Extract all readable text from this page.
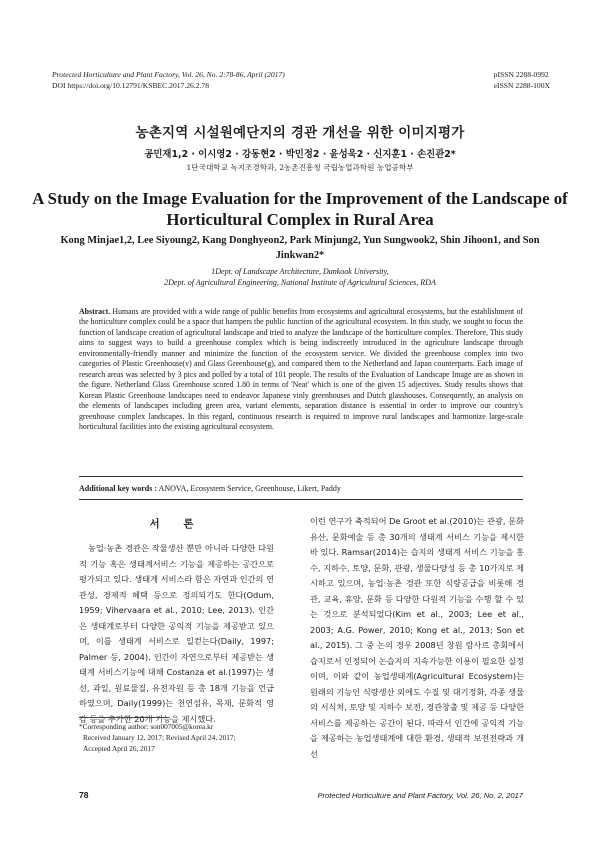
Protected Horticulture and Plant Factory, Vol. 26, No. 2:78-86, April (2017)
DOI https://doi.org/10.12791/KSBEC.2017.26.2.78
pISSN 2288-0992
eISSN 2288-100X
농촌지역 시설원예단지의 경관 개선을 위한 이미지평가
공민재1,2 · 이시영2 · 강동현2 · 박민정2 · 윤성욱2 · 신지훈1 · 손진관2*
1단국대학교 녹지조경학과, 2농촌진흥청 국립농업과학원 농업공학부
A Study on the Image Evaluation for the Improvement of the Landscape of Horticultural Complex in Rural Area
Kong Minjae1,2, Lee Siyoung2, Kang Donghyeon2, Park Minjung2, Yun Sungwook2, Shin Jihoon1, and Son Jinkwan2*
1Dept. of Landscape Architecture, Dankook University,
2Dept. of Agricultural Engineering, National Institute of Agricultural Sciences, RDA
Abstract. Humans are provided with a wide range of public benefits from ecosystems and agricultural ecosystems, but the establishment of the horticulture complex could be a space that hampers the public function of the agricultural ecosystem. In this study, we sought to focus the function of landscape creation of agricultural landscape and tried to analyze the landscape of the horticulture complex. Therefore, This study aims to suggest ways to build a greenhouse complex which is being indiscreetly introduced in the agriculture landscape through environmentally-friendly manner and minimize the function of the ecosystem service. We divided the greenhouse complex into two categories of Plastic Greenhouse(v) and Glass Greenhouse(g), and compared them to the Netherland and Japan counterparts. Each image of research areas was selected by 3 pics and polled by a total of 101 people. The results of the Evaluation of Landscape Image are as shown in the figure. Netherland Glass Greenhouse scored 1.80 in terms of 'Neat' which is one of the given 15 adjectives. Study results shows that Korean Plastic Greenhouse landscapes need to endeavor Japanese vinly greenhouses and Dutch glasshouses. Consequently, an analysis on the elements of landscapes including green area, variant elements, separation distance is essential in order to improve our country's greenhouse complex landscapes. In this regard, continuous research is required to improve rural landscapes and harmonize large-scale horticultural facilities into the existing agricultural ecosystem.
Additional key words : ANOVA, Ecosystem Service, Greenhouse, Likert, Paddy
서 론

농업·농촌 경관은 작물생산 뿐만 아니라 다양한 다원적 기능 혹은 생태계서비스 기능을 제공하는 공간으로 평가되고 있다. 생태계 서비스라 함은 자연과 인간의 연관성, 경제적 혜택 등으로 정의되기도 한다(Odum, 1959; Vihervaara et al., 2010; Lee, 2013). 인간은 생태계로부터 다양한 공익적 기능을 제공받고 있으며, 이를 생태계 서비스로 일컫는다(Daily, 1997; Palmer 등, 2004). 인간이 자연으로부터 제공받는 생태계 서비스기능에 대해 Costanza et al.(1997)는 생선, 과일, 원료물질, 유전자원 등 총 18개 기능을 언급하였으며, Daily(1999)는 천연섬유, 목재, 문화적 영감 등을 추가한 20개 기능을 제시했다.

이런 연구가 축적되어 De Groot et al.(2010)는 관광, 문화유산, 문화예술 등 총 30개의 생태계 서비스 기능을 제시한 바 있다. Ramsar(2014)는 습지의 생태계 서비스 기능을 홍수, 지하수, 토양, 문화, 관광, 생물다양성 등 총 10가지로 제시하고 있으며, 농업·농촌 경관 또한 식량공급을 비롯해 경관, 교육, 휴양, 문화 등 다양한 다원적 기능을 수행 할 수 있는 것으로 분석되었다(Kim et al., 2003; Lee et al., 2003; A.G. Power, 2010; Kong et al., 2013; Son et al., 2015). 그 중 논의 경우 2008년 창원 람사르 총회에서 습지로서 인정되어 논습지의 지속가능한 이용이 필요한 실정이며, 이와 같이 농업생태계(Agricultural Ecosystem)는 원래의 기능인 식량생산 외에도 수질 및 대기정화, 각종 생물의 서식처, 토양 및 지하수 보전, 경관창출 및 제공 등 다양한 서비스를 제공하는 공간이 된다. 따라서 인간에 공익적 기능을 제공하는 농업생태계에 대한 환경, 생태적 보전전략과 개선

*Corresponding author: son007005@korea.kr
Received January 12, 2017; Revised April 24, 2017;
Accepted April 26, 2017
78	Protected Horticulture and Plant Factory, Vol. 26, No. 2, 2017
